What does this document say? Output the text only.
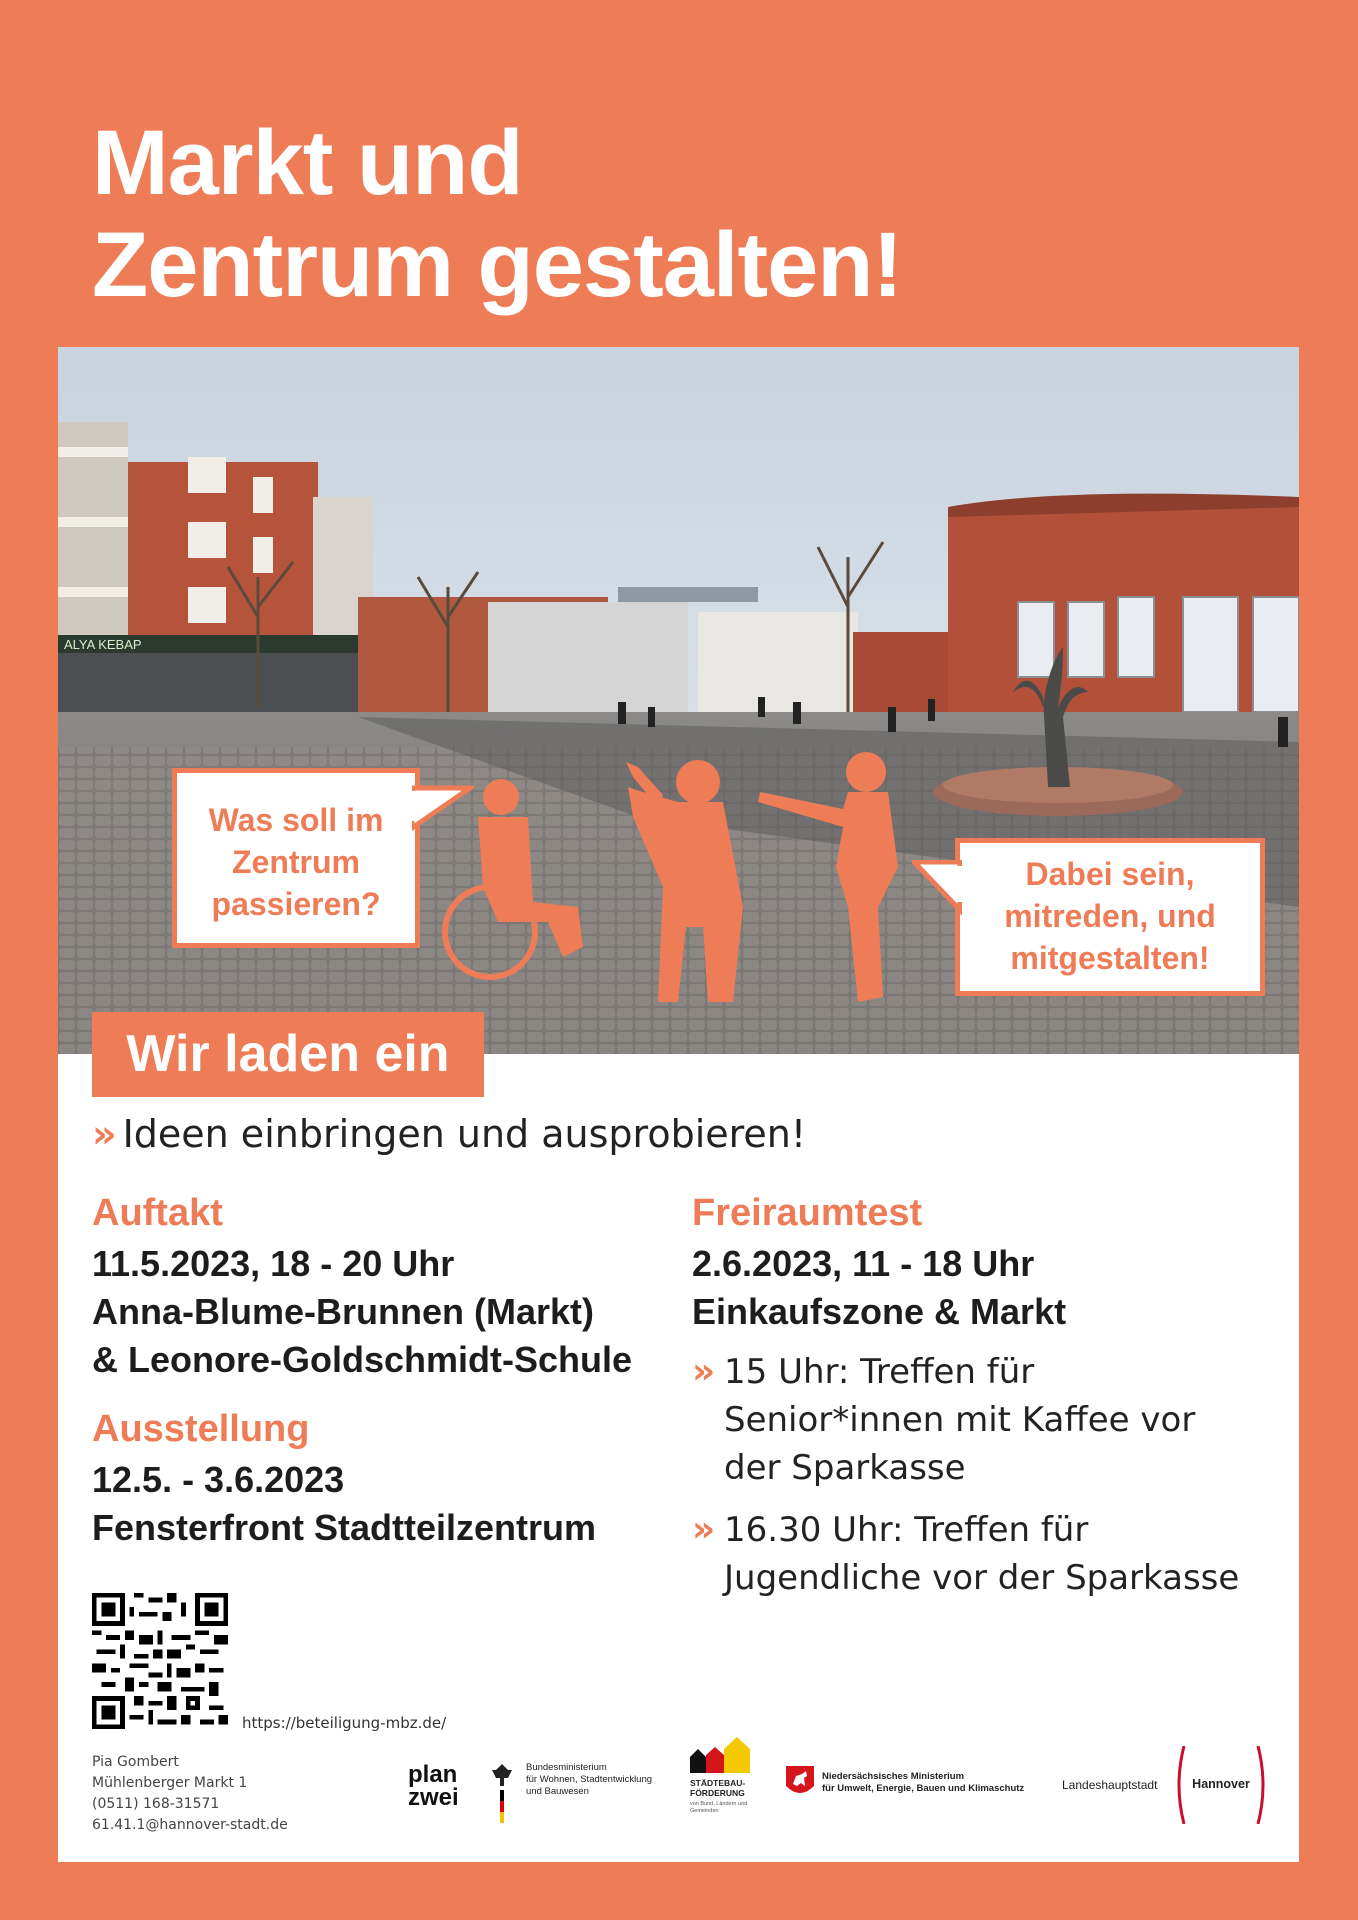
Markt und
Zentrum gestalten!
ALYA KEBAP
Was soll im Zentrum passieren?
Dabei sein, mitreden, und mitgestalten!
Wir laden ein
» Ideen einbringen und ausprobieren!
Auftakt
11.5.2023, 18 - 20 Uhr
Anna-Blume-Brunnen (Markt)
& Leonore-Goldschmidt-Schule
Ausstellung
12.5. - 3.6.2023
Fensterfront Stadtteilzentrum
Freiraumtest
2.6.2023, 11 - 18 Uhr
Einkaufszone & Markt
» 15 Uhr: Treffen für
Senior*innen mit Kaffee vor
der Sparkasse
» 16.30 Uhr: Treffen für
Jugendliche vor der Sparkasse
https://beteiligung-mbz.de/
Pia Gombert
Mühlenberger Markt 1
(0511) 168-31571
61.41.1@hannover-stadt.de
plan
zwei
Bundesministerium
für Wohnen, Stadtentwicklung
und Bauwesen
STÄDTEBAU-
FÖRDERUNG
von Bund, Ländern und Gemeinden
Niedersächsisches Ministerium
für Umwelt, Energie, Bauen und Klimaschutz	Landeshauptstadt	Hannover
